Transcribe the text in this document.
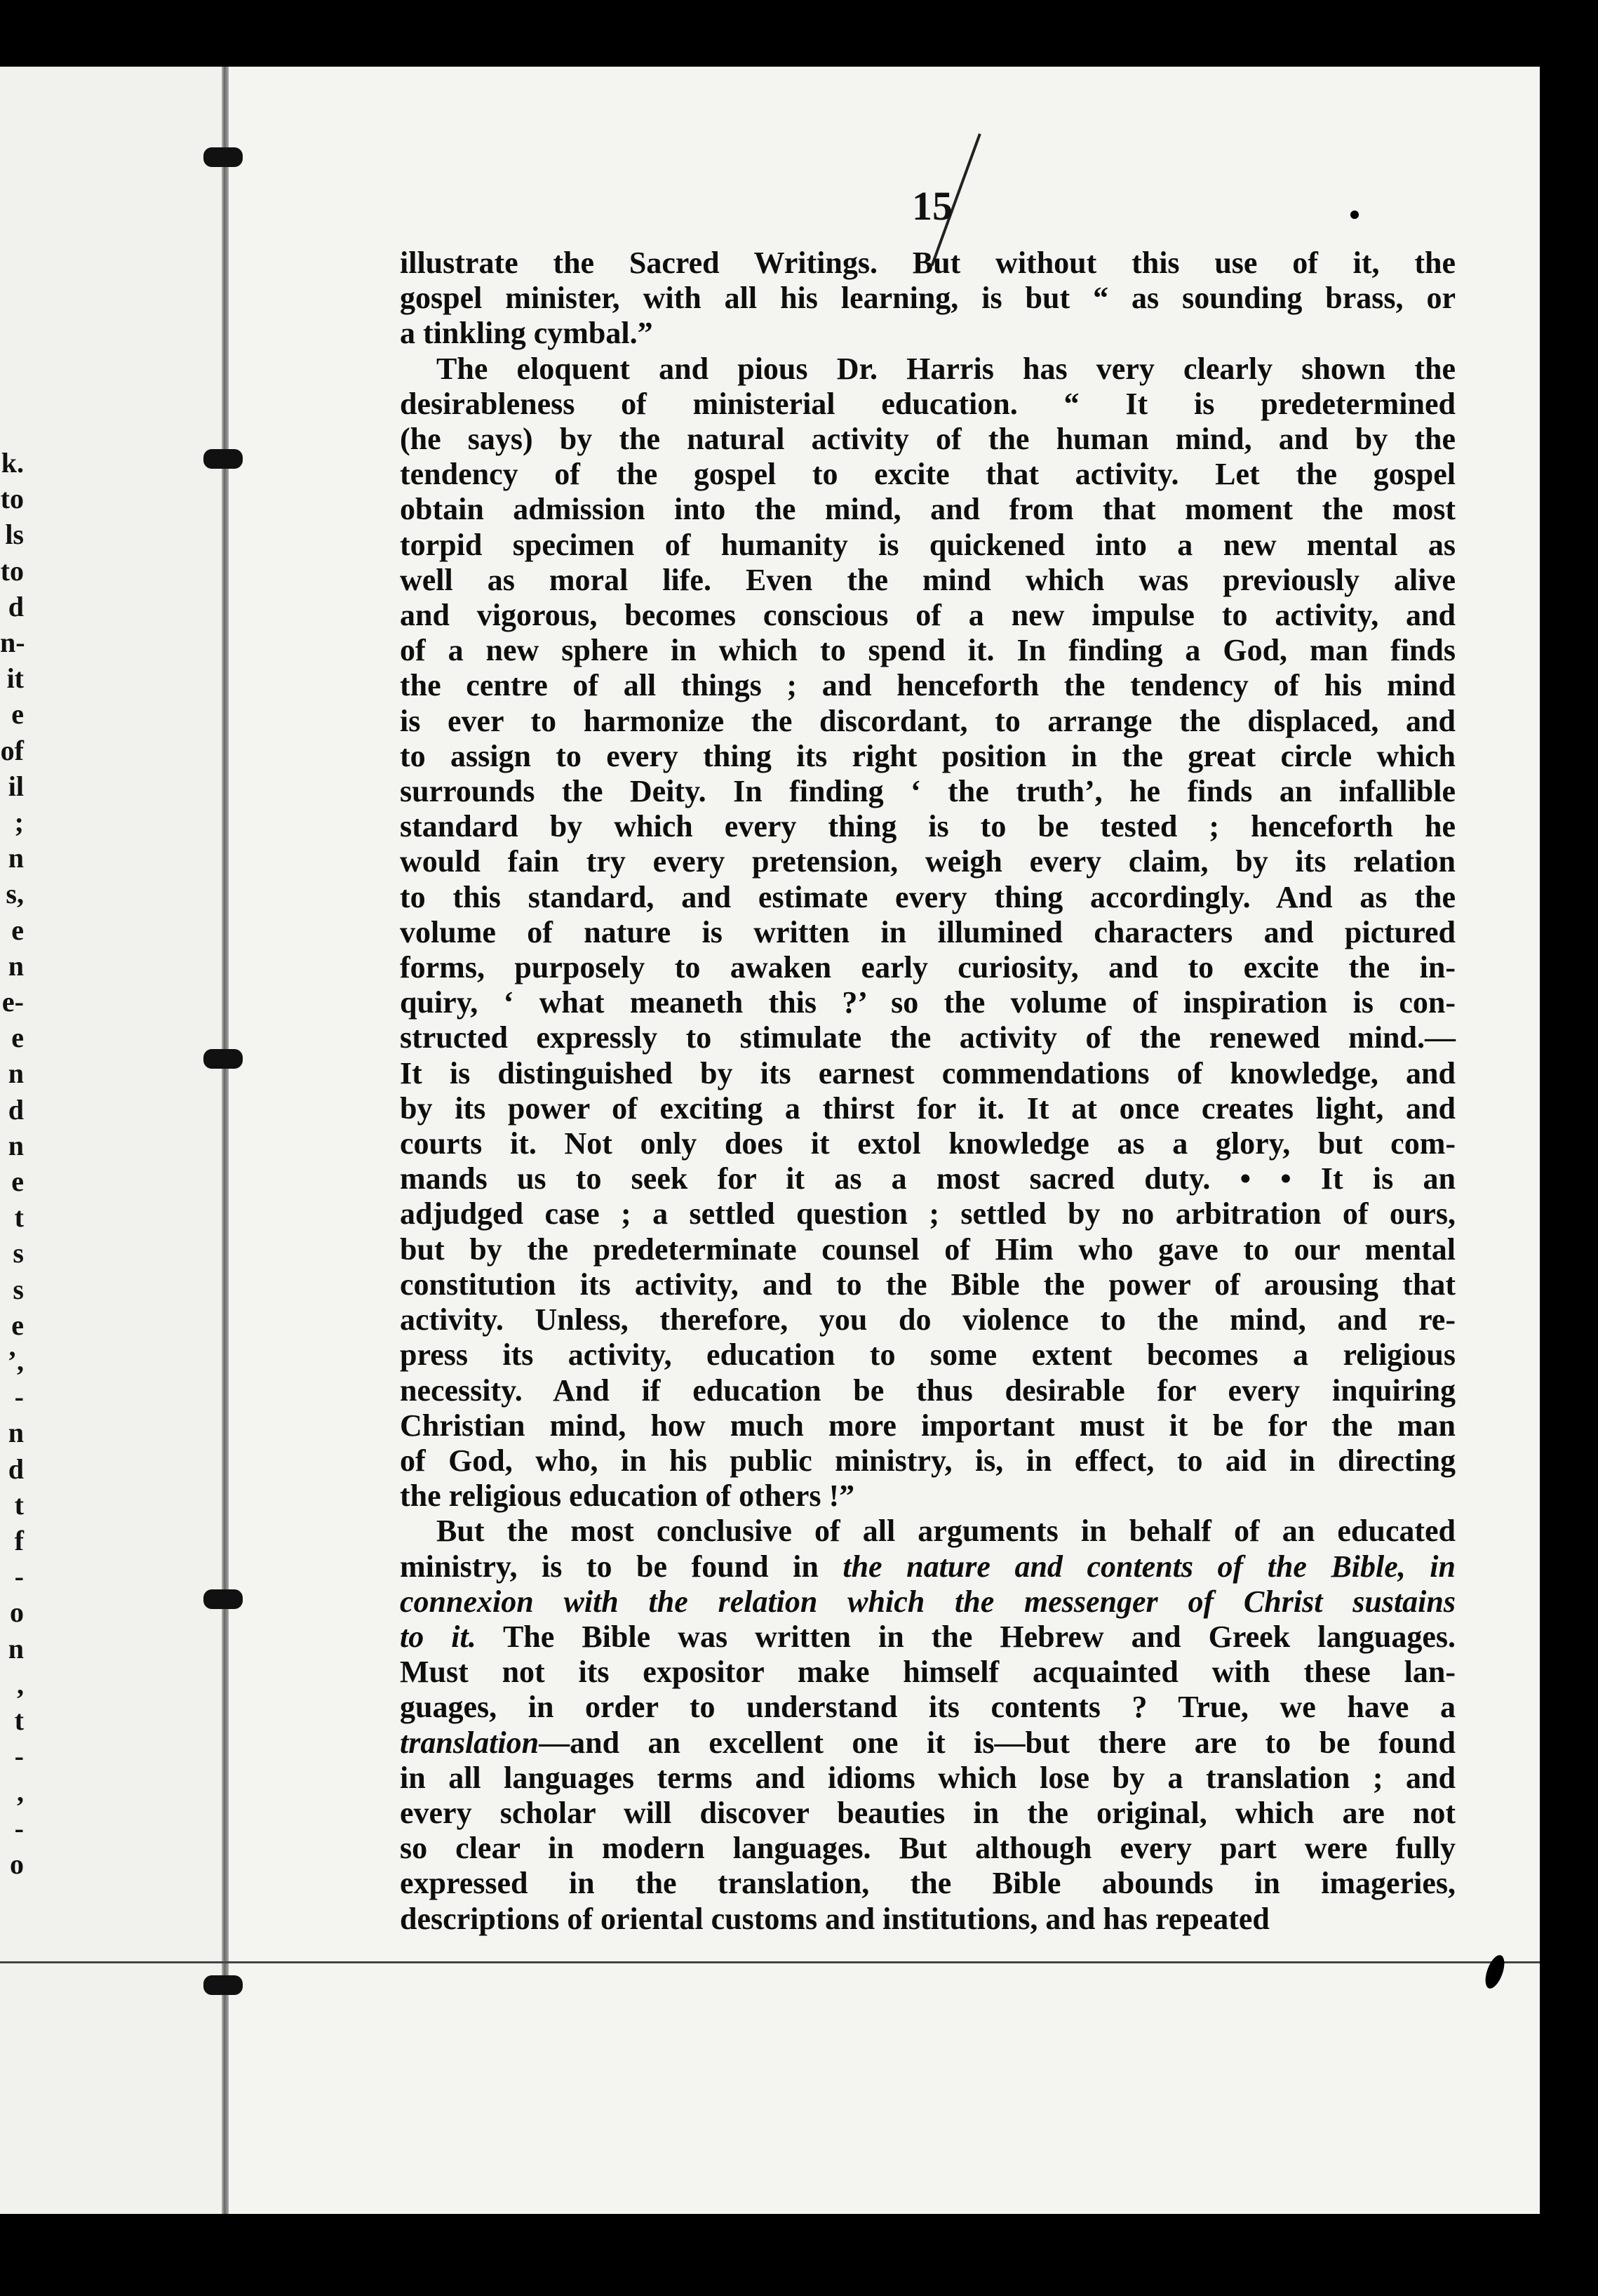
k.
to
ls
to
d
n-
it
e
of
il
;
n
s,
e
n
e-
e
n
d
n
e
t
s
s
e
’,
-
n
d
t
f
-
o
n
,
t
-
,
-
o
15

illustrate the Sacred Writings. But without this use of it, the
gospel minister, with all his learning, is but “ as sounding brass, or
a tinkling cymbal.”

The eloquent and pious Dr. Harris has very clearly shown the
desirableness of ministerial education. “ It is predetermined
(he says) by the natural activity of the human mind, and by the
tendency of the gospel to excite that activity. Let the gospel
obtain admission into the mind, and from that moment the most
torpid specimen of humanity is quickened into a new mental as
well as moral life. Even the mind which was previously alive
and vigorous, becomes conscious of a new impulse to activity, and
of a new sphere in which to spend it. In finding a God, man finds
the centre of all things ; and henceforth the tendency of his mind
is ever to harmonize the discordant, to arrange the displaced, and
to assign to every thing its right position in the great circle which
surrounds the Deity. In finding ‘ the truth’, he finds an infallible
standard by which every thing is to be tested ; henceforth he
would fain try every pretension, weigh every claim, by its relation
to this standard, and estimate every thing accordingly. And as the
volume of nature is written in illumined characters and pictured
forms, purposely to awaken early curiosity, and to excite the in-
quiry, ‘ what meaneth this ?’ so the volume of inspiration is con-
structed expressly to stimulate the activity of the renewed mind.—
It is distinguished by its earnest commendations of knowledge, and
by its power of exciting a thirst for it. It at once creates light, and
courts it. Not only does it extol knowledge as a glory, but com-
mands us to seek for it as a most sacred duty. • • It is an
adjudged case ; a settled question ; settled by no arbitration of ours,
but by the predeterminate counsel of Him who gave to our mental
constitution its activity, and to the Bible the power of arousing that
activity. Unless, therefore, you do violence to the mind, and re-
press its activity, education to some extent becomes a religious
necessity. And if education be thus desirable for every inquiring
Christian mind, how much more important must it be for the man
of God, who, in his public ministry, is, in effect, to aid in directing
the religious education of others !”

But the most conclusive of all arguments in behalf of an educated
ministry, is to be found in the nature and contents of the Bible, in
connexion with the relation which the messenger of Christ sustains
to it. The Bible was written in the Hebrew and Greek languages.
Must not its expositor make himself acquainted with these lan-
guages, in order to understand its contents ? True, we have a
translation—and an excellent one it is—but there are to be found
in all languages terms and idioms which lose by a translation ; and
every scholar will discover beauties in the original, which are not
so clear in modern languages. But although every part were fully
expressed in the translation, the Bible abounds in imageries,
descriptions of oriental customs and institutions, and has repeated
